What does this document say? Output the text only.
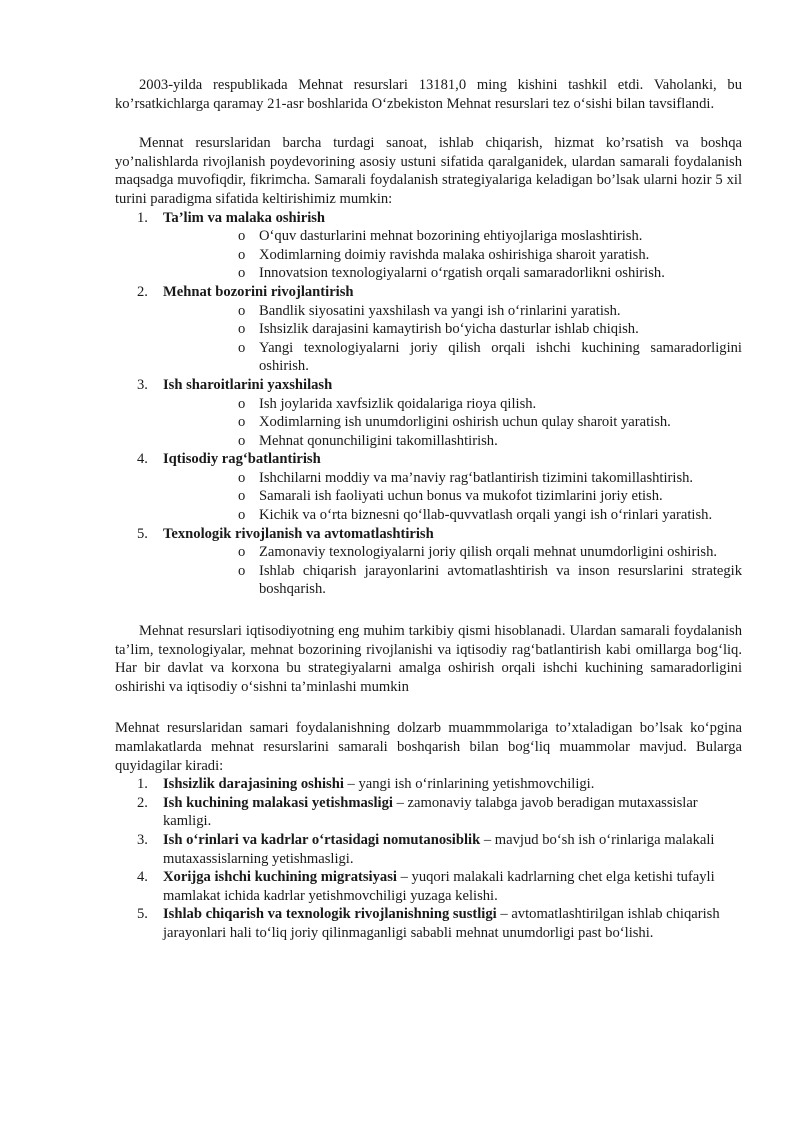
2003-yilda respublikada Mehnat resurslari 13181,0 ming kishini tashkil etdi. Vaholanki, bu ko’rsatkichlarga qaramay 21-asr boshlarida O‘zbekiston Mehnat resurslari tez o‘sishi bilan tavsiflandi.

Mennat resurslaridan barcha turdagi sanoat, ishlab chiqarish, hizmat ko’rsatish va boshqa yo’nalishlarda rivojlanish poydevorining asosiy ustuni sifatida qaralganidek, ulardan samarali foydalanish maqsadga muvofiqdir, fikrimcha. Samarali foydalanish strategiyalariga keladigan bo’lsak ularni hozir 5 xil turini paradigma sifatida keltirishimiz mumkin:

1. Ta’lim va malaka oshirish
o O‘quv dasturlarini mehnat bozorining ehtiyojlariga moslashtirish.
o Xodimlarning doimiy ravishda malaka oshirishiga sharoit yaratish.
o Innovatsion texnologiyalarni o‘rgatish orqali samaradorlikni oshirish.
2. Mehnat bozorini rivojlantirish
o Bandlik siyosatini yaxshilash va yangi ish o‘rinlarini yaratish.
o Ishsizlik darajasini kamaytirish bo‘yicha dasturlar ishlab chiqish.
o Yangi texnologiyalarni joriy qilish orqali ishchi kuchining samaradorligini oshirish.
3. Ish sharoitlarini yaxshilash
o Ish joylarida xavfsizlik qoidalariga rioya qilish.
o Xodimlarning ish unumdorligini oshirish uchun qulay sharoit yaratish.
o Mehnat qonunchiligini takomillashtirish.
4. Iqtisodiy rag‘batlantirish
o Ishchilarni moddiy va ma’naviy rag‘batlantirish tizimini takomillashtirish.
o Samarali ish faoliyati uchun bonus va mukofot tizimlarini joriy etish.
o Kichik va o‘rta biznesni qo‘llab-quvvatlash orqali yangi ish o‘rinlari yaratish.
5. Texnologik rivojlanish va avtomatlashtirish
o Zamonaviy texnologiyalarni joriy qilish orqali mehnat unumdorligini oshirish.
o Ishlab chiqarish jarayonlarini avtomatlashtirish va inson resurslarini strategik boshqarish.

Mehnat resurslari iqtisodiyotning eng muhim tarkibiy qismi hisoblanadi. Ulardan samarali foydalanish ta’lim, texnologiyalar, mehnat bozorining rivojlanishi va iqtisodiy rag‘batlantirish kabi omillarga bog‘liq. Har bir davlat va korxona bu strategiyalarni amalga oshirish orqali ishchi kuchining samaradorligini oshirishi va iqtisodiy o‘sishni ta’minlashi mumkin

Mehnat resurslaridan samari foydalanishning dolzarb muammmolariga to’xtaladigan bo’lsak ko‘pgina mamlakatlarda mehnat resurslarini samarali boshqarish bilan bog‘liq muammolar mavjud. Bularga quyidagilar kiradi:

1. Ishsizlik darajasining oshishi – yangi ish o‘rinlarining yetishmovchiligi.
2. Ish kuchining malakasi yetishmasligi – zamonaviy talabga javob beradigan mutaxassislar kamligi.
3. Ish o‘rinlari va kadrlar o‘rtasidagi nomutanosiblik – mavjud bo‘sh ish o‘rinlariga malakali mutaxassislarning yetishmasligi.
4. Xorijga ishchi kuchining migratsiyasi – yuqori malakali kadrlarning chet elga ketishi tufayli mamlakat ichida kadrlar yetishmovchiligi yuzaga kelishi.
5. Ishlab chiqarish va texnologik rivojlanishning sustligi – avtomatlashtirilgan ishlab chiqarish jarayonlari hali to‘liq joriy qilinmaganligi sababli mehnat unumdorligi past bo‘lishi.
